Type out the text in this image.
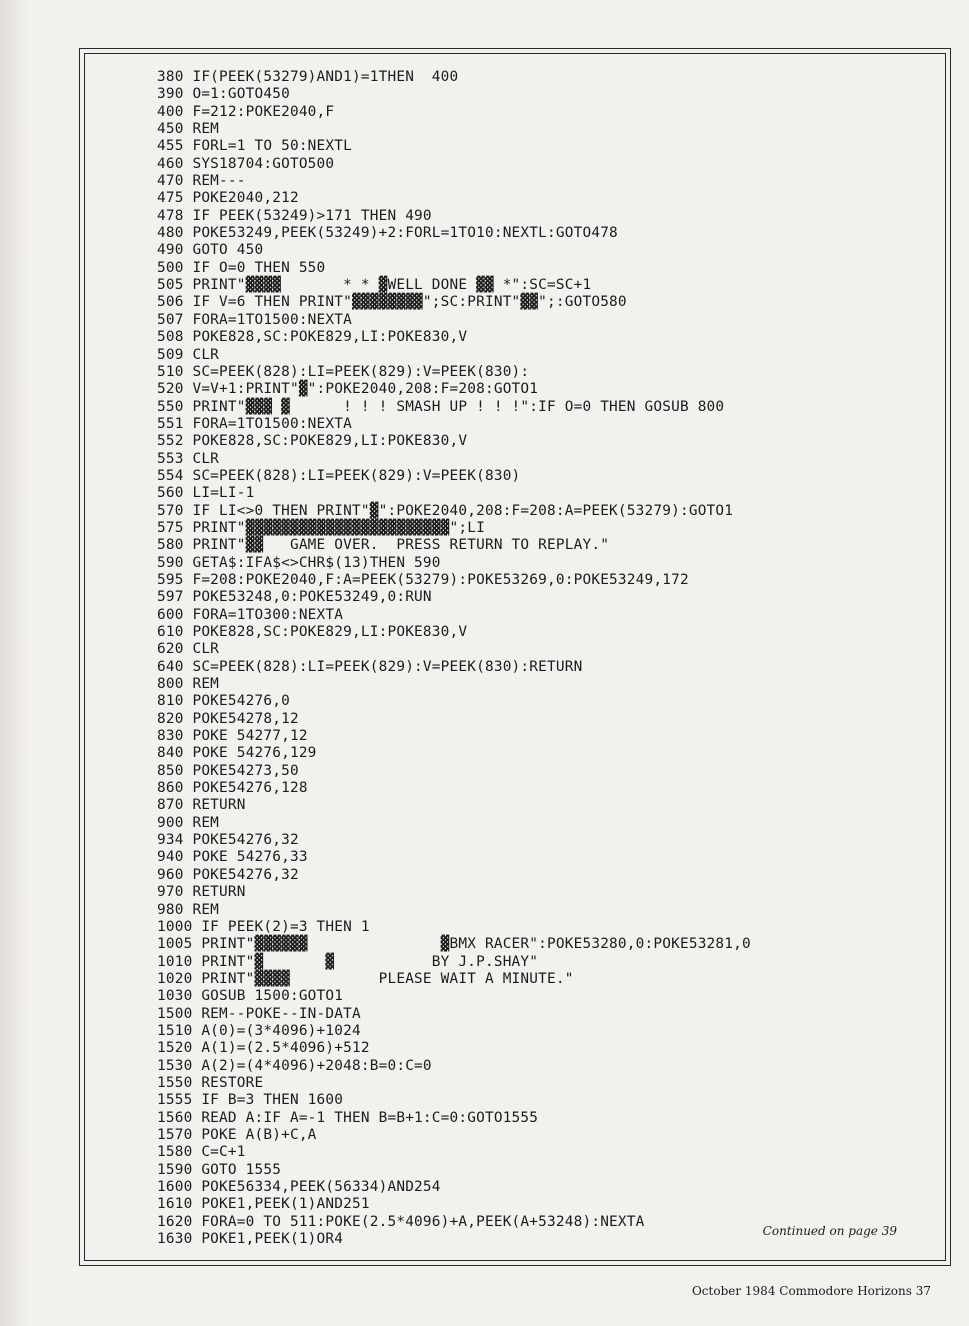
380 IF(PEEK(53279)AND1)=1THEN  400
390 O=1:GOTO450
400 F=212:POKE2040,F
450 REM
455 FORL=1 TO 50:NEXTL
460 SYS18704:GOTO500
470 REM---
475 POKE2040,212
478 IF PEEK(53249)>171 THEN 490
480 POKE53249,PEEK(53249)+2:FORL=1TO10:NEXTL:GOTO478
490 GOTO 450
500 IF O=0 THEN 550
505 PRINT"▓▓▓▓       * * ▓WELL DONE ▓▓ *":SC=SC+1
506 IF V=6 THEN PRINT"▓▓▓▓▓▓▓▓";SC:PRINT"▓▓";:GOTO580
507 FORA=1TO1500:NEXTA
508 POKE828,SC:POKE829,LI:POKE830,V
509 CLR
510 SC=PEEK(828):LI=PEEK(829):V=PEEK(830):
520 V=V+1:PRINT"▓":POKE2040,208:F=208:GOTO1
550 PRINT"▓▓▓ ▓      ! ! ! SMASH UP ! ! !":IF O=0 THEN GOSUB 800
551 FORA=1TO1500:NEXTA
552 POKE828,SC:POKE829,LI:POKE830,V
553 CLR
554 SC=PEEK(828):LI=PEEK(829):V=PEEK(830)
560 LI=LI-1
570 IF LI<>0 THEN PRINT"▓":POKE2040,208:F=208:A=PEEK(53279):GOTO1
575 PRINT"▓▓▓▓▓▓▓▓▓▓▓▓▓▓▓▓▓▓▓▓▓▓▓";LI
580 PRINT"▓▓   GAME OVER.  PRESS RETURN TO REPLAY."
590 GETA$:IFA$<>CHR$(13)THEN 590
595 F=208:POKE2040,F:A=PEEK(53279):POKE53269,0:POKE53249,172
597 POKE53248,0:POKE53249,0:RUN
600 FORA=1TO300:NEXTA
610 POKE828,SC:POKE829,LI:POKE830,V
620 CLR
640 SC=PEEK(828):LI=PEEK(829):V=PEEK(830):RETURN
800 REM
810 POKE54276,0
820 POKE54278,12
830 POKE 54277,12
840 POKE 54276,129
850 POKE54273,50
860 POKE54276,128
870 RETURN
900 REM
934 POKE54276,32
940 POKE 54276,33
960 POKE54276,32
970 RETURN
980 REM
1000 IF PEEK(2)=3 THEN 1
1005 PRINT"▓▓▓▓▓▓               ▓BMX RACER":POKE53280,0:POKE53281,0
1010 PRINT"▓       ▓           BY J.P.SHAY"
1020 PRINT"▓▓▓▓          PLEASE WAIT A MINUTE."
1030 GOSUB 1500:GOTO1
1500 REM--POKE--IN-DATA
1510 A(0)=(3*4096)+1024
1520 A(1)=(2.5*4096)+512
1530 A(2)=(4*4096)+2048:B=0:C=0
1550 RESTORE
1555 IF B=3 THEN 1600
1560 READ A:IF A=-1 THEN B=B+1:C=0:GOTO1555
1570 POKE A(B)+C,A
1580 C=C+1
1590 GOTO 1555
1600 POKE56334,PEEK(56334)AND254
1610 POKE1,PEEK(1)AND251
1620 FORA=0 TO 511:POKE(2.5*4096)+A,PEEK(A+53248):NEXTA
1630 POKE1,PEEK(1)OR4
Continued on page 39
October 1984 Commodore Horizons 37
